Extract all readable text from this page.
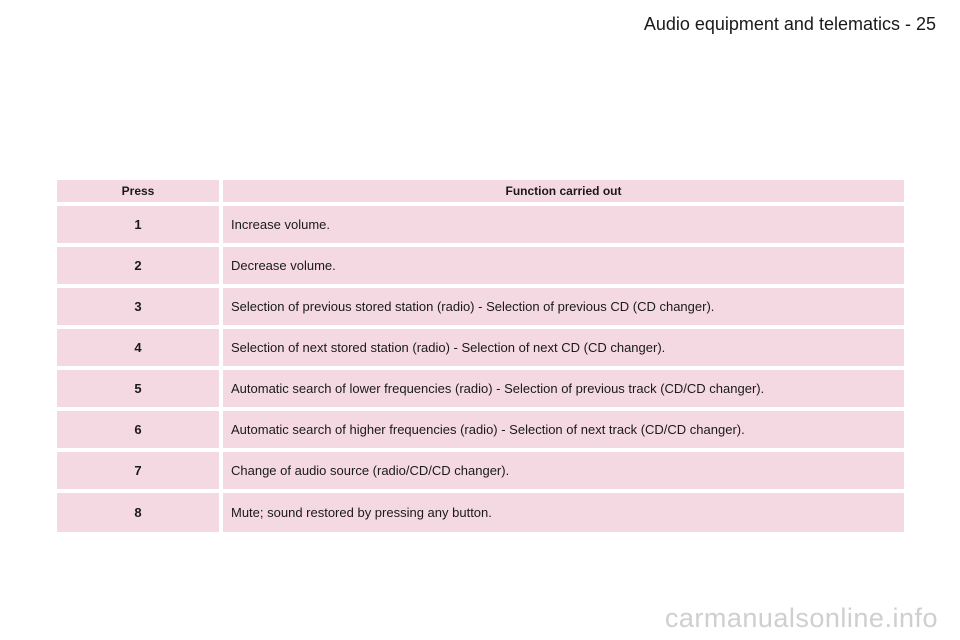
Audio equipment and telematics - 25
Press	Function carried out
1	Increase volume.
2	Decrease volume.
3	Selection of previous stored station (radio) - Selection of previous CD (CD changer).
4	Selection of next stored station (radio) - Selection of next CD (CD changer).
5	Automatic search of lower frequencies (radio) - Selection of previous track (CD/CD changer).
6	Automatic search of higher frequencies (radio) - Selection of next track (CD/CD changer).
7	Change of audio source (radio/CD/CD changer).
8	Mute; sound restored by pressing any button.
carmanualsonline.info
